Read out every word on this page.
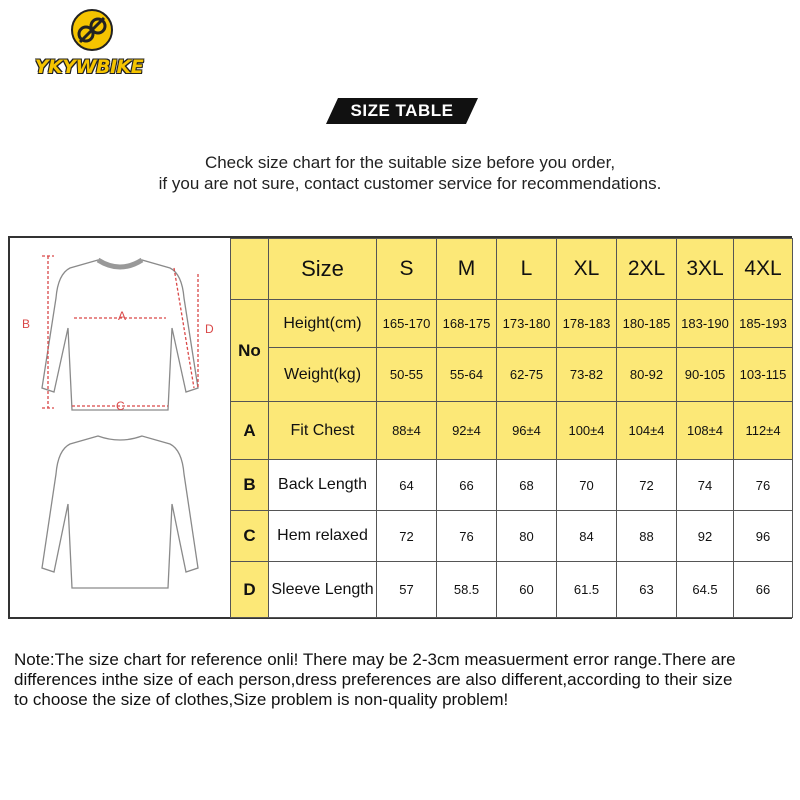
YKYWBIKE
SIZE TABLE
Check size chart for the suitable size before you order,
if you are not sure, contact customer service for recommendations.
B
A
C
D
	Size	S	M	L	XL	2XL	3XL	4XL
No	Height(cm)	165-170	168-175	173-180	178-183	180-185	183-190	185-193
	Weight(kg)	50-55	55-64	62-75	73-82	80-92	90-105	103-115
A	Fit Chest	88±4	92±4	96±4	100±4	104±4	108±4	112±4
B	Back Length	64	66	68	70	72	74	76
C	Hem relaxed	72	76	80	84	88	92	96
D	Sleeve Length	57	58.5	60	61.5	63	64.5	66
Note:The size chart for reference onli! There may be 2-3cm measuerment error range.There are
differences inthe size of each person,dress preferences are also different,according to their size
to choose the size of clothes,Size problem is non-quality problem!
